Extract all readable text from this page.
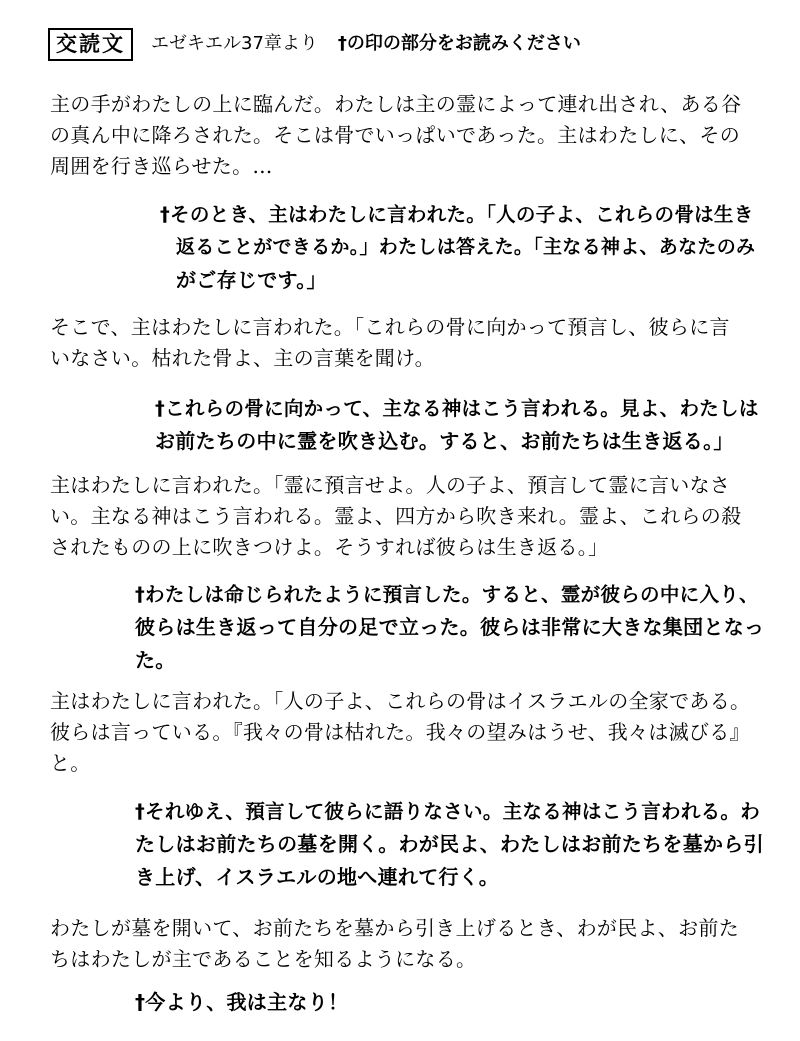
交読文	エゼキエル37章より †の印の部分をお読みください
主の手がわたしの上に臨んだ。わたしは主の霊によって連れ出され、ある谷
の真ん中に降ろされた。そこは骨でいっぱいであった。主はわたしに、その
周囲を行き巡らせた。…
†そのとき、主はわたしに言われた。「人の子よ、これらの骨は生き
返ることができるか。」わたしは答えた。「主なる神よ、あなたのみ
がご存じです。」
そこで、主はわたしに言われた。「これらの骨に向かって預言し、彼らに言
いなさい。枯れた骨よ、主の言葉を聞け。
†これらの骨に向かって、主なる神はこう言われる。見よ、わたしは
お前たちの中に霊を吹き込む。すると、お前たちは生き返る。」
主はわたしに言われた。「霊に預言せよ。人の子よ、預言して霊に言いなさ
い。主なる神はこう言われる。霊よ、四方から吹き来れ。霊よ、これらの殺
されたものの上に吹きつけよ。そうすれば彼らは生き返る。」
†わたしは命じられたように預言した。すると、霊が彼らの中に入り、
彼らは生き返って自分の足で立った。彼らは非常に大きな集団となっ
た。
主はわたしに言われた。「人の子よ、これらの骨はイスラエルの全家である。
彼らは言っている。『我々の骨は枯れた。我々の望みはうせ、我々は滅びる』
と。
†それゆえ、預言して彼らに語りなさい。主なる神はこう言われる。わ
たしはお前たちの墓を開く。わが民よ、わたしはお前たちを墓から引
き上げ、イスラエルの地へ連れて行く。
わたしが墓を開いて、お前たちを墓から引き上げるとき、わが民よ、お前た
ちはわたしが主であることを知るようになる。
†今より、我は主なり！
